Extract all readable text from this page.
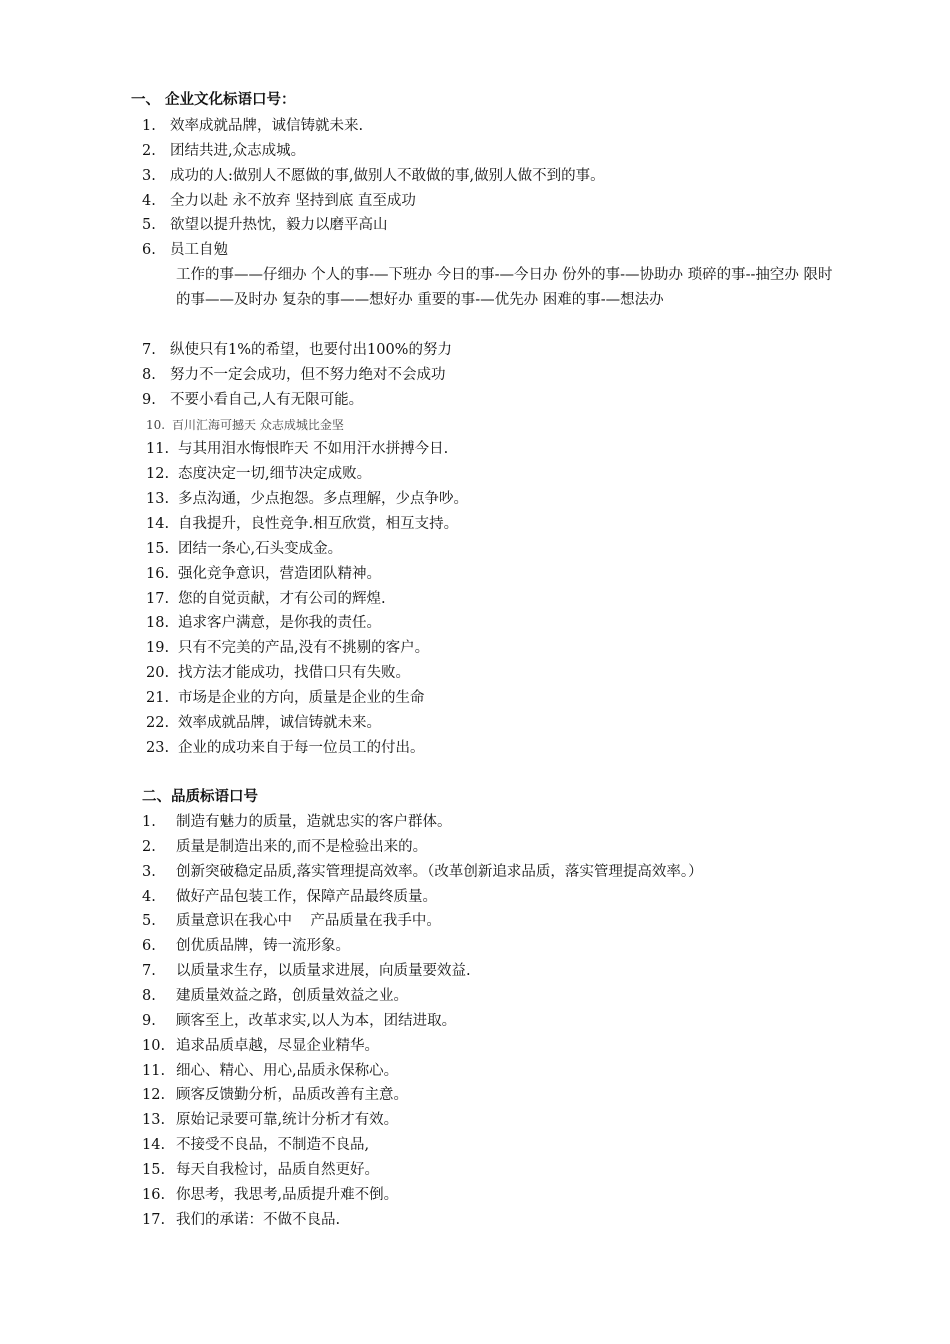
一、 企业文化标语口号：
1. 效率成就品牌，诚信铸就未来.
2. 团结共进,众志成城。
3. 成功的人:做别人不愿做的事,做别人不敢做的事,做别人做不到的事。
4. 全力以赴 永不放弃 坚持到底 直至成功
5. 欲望以提升热忱，毅力以磨平高山
6. 员工自勉
工作的事——仔细办 个人的事-—下班办 今日的事-—今日办 份外的事-—协助办 琐碎的事--抽空办 限时的事——及时办 复杂的事——想好办 重要的事-—优先办 困难的事-—想法办
7. 纵使只有1%的希望，也要付出100%的努力
8. 努力不一定会成功，但不努力绝对不会成功
9. 不要小看自己,人有无限可能。
10. 百川汇海可撼天 众志成城比金坚
11. 与其用泪水悔恨昨天 不如用汗水拼搏今日.
12. 态度决定一切,细节决定成败。
13. 多点沟通，少点抱怨。多点理解，少点争吵。
14. 自我提升，良性竞争.相互欣赏，相互支持。
15. 团结一条心,石头变成金。
16. 强化竞争意识，营造团队精神。
17. 您的自觉贡献，才有公司的辉煌.
18. 追求客户满意，是你我的责任。
19. 只有不完美的产品,没有不挑剔的客户。
20. 找方法才能成功，找借口只有失败。
21. 市场是企业的方向，质量是企业的生命
22. 效率成就品牌，诚信铸就未来。
23. 企业的成功来自于每一位员工的付出。
二、品质标语口号
1. 制造有魅力的质量，造就忠实的客户群体。
2. 质量是制造出来的,而不是检验出来的。
3. 创新突破稳定品质,落实管理提高效率。（改革创新追求品质，落实管理提高效率。）
4. 做好产品包装工作，保障产品最终质量。
5. 质量意识在我心中    产品质量在我手中。
6. 创优质品牌，铸一流形象。
7. 以质量求生存，以质量求进展，向质量要效益.
8. 建质量效益之路，创质量效益之业。
9. 顾客至上，改革求实,以人为本，团结进取。
10. 追求品质卓越，尽显企业精华。
11. 细心、精心、用心,品质永保称心。
12. 顾客反馈勤分析，品质改善有主意。
13. 原始记录要可靠,统计分析才有效。
14. 不接受不良品，不制造不良品,
15. 每天自我检讨，品质自然更好。
16. 你思考，我思考,品质提升难不倒。
17. 我们的承诺：不做不良品.
